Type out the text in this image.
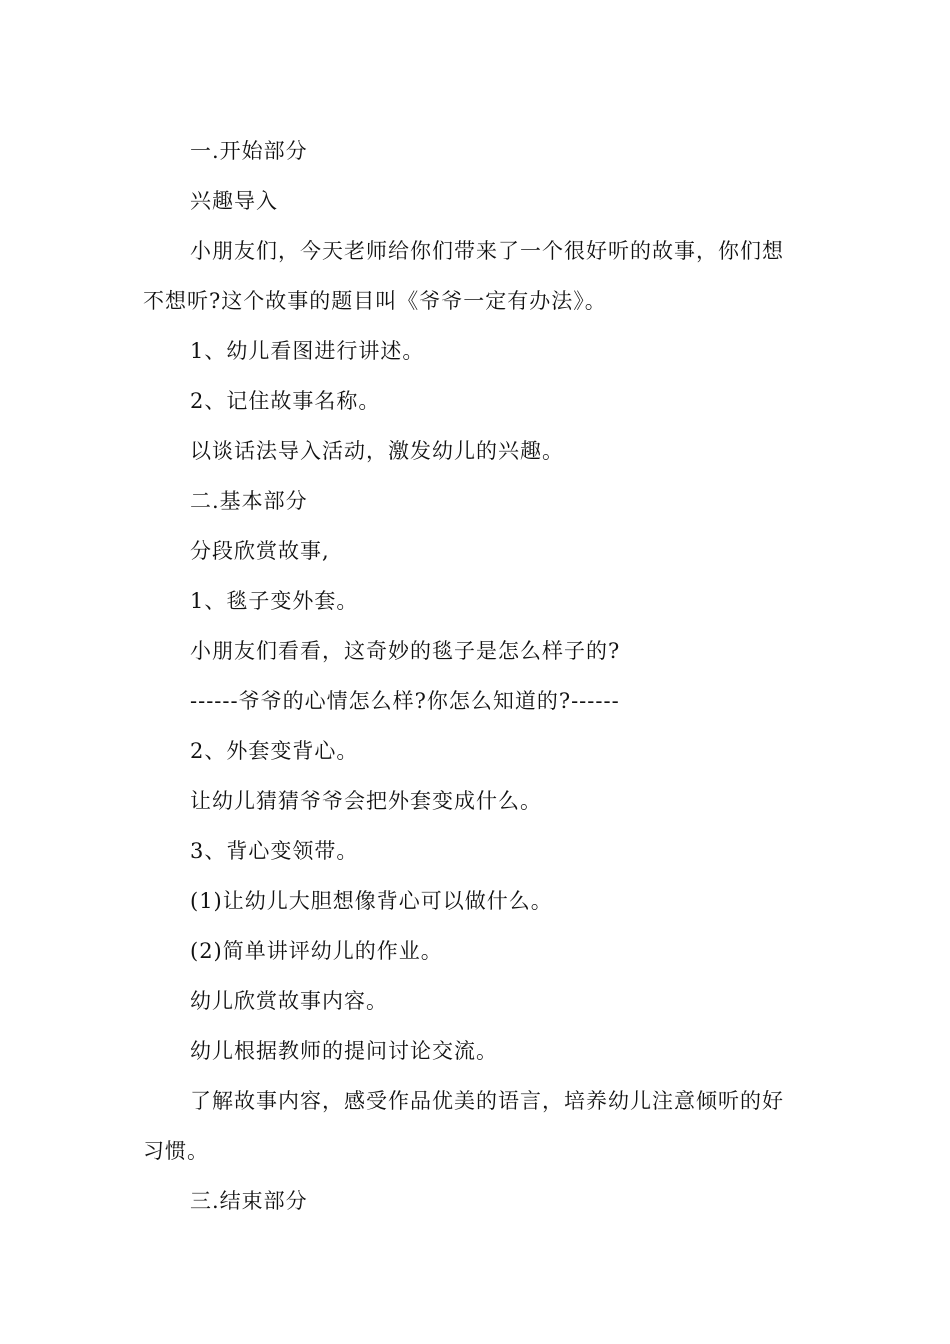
一.开始部分
兴趣导入
小朋友们，今天老师给你们带来了一个很好听的故事，你们想
不想听?这个故事的题目叫《爷爷一定有办法》。
1、幼儿看图进行讲述。
2、记住故事名称。
以谈话法导入活动，激发幼儿的兴趣。
二.基本部分
分段欣赏故事,
1、毯子变外套。
小朋友们看看，这奇妙的毯子是怎么样子的?
------爷爷的心情怎么样?你怎么知道的?------
2、外套变背心。
让幼儿猜猜爷爷会把外套变成什么。
3、背心变领带。
(1)让幼儿大胆想像背心可以做什么。
(2)简单讲评幼儿的作业。
幼儿欣赏故事内容。
幼儿根据教师的提问讨论交流。
了解故事内容，感受作品优美的语言，培养幼儿注意倾听的好
习惯。
三.结束部分
